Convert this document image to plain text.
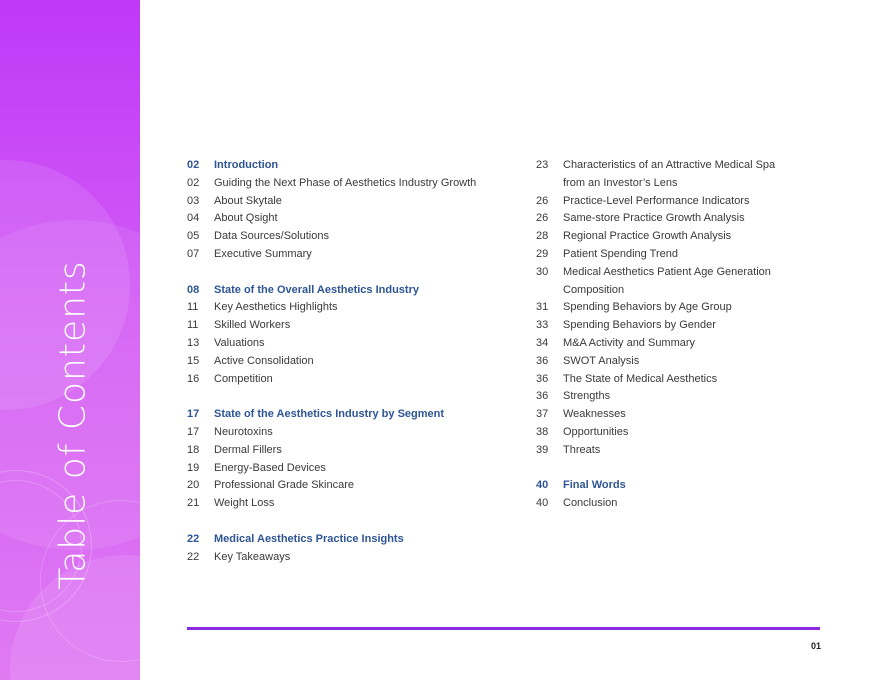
Table of Contents
02	Introduction
02	Guiding the Next Phase of Aesthetics Industry Growth
03	About Skytale
04	About Qsight
05	Data Sources/Solutions
07	Executive Summary
08	State of the Overall Aesthetics Industry
11	Key Aesthetics Highlights
11	Skilled Workers
13	Valuations
15	Active Consolidation
16	Competition
17	State of the Aesthetics Industry by Segment
17	Neurotoxins
18	Dermal Fillers
19	Energy-Based Devices
20	Professional Grade Skincare
21	Weight Loss
22	Medical Aesthetics Practice Insights
22	Key Takeaways
23	Characteristics of an Attractive Medical Spa
from an Investor’s Lens
26	Practice-Level Performance Indicators
26	Same-store Practice Growth Analysis
28	Regional Practice Growth Analysis
29	Patient Spending Trend
30	Medical Aesthetics Patient Age Generation
Composition
31	Spending Behaviors by Age Group
33	Spending Behaviors by Gender
34	M&A Activity and Summary
36	SWOT Analysis
36	The State of Medical Aesthetics
36	Strengths
37	Weaknesses
38	Opportunities
39	Threats
40	Final Words
40	Conclusion
01
